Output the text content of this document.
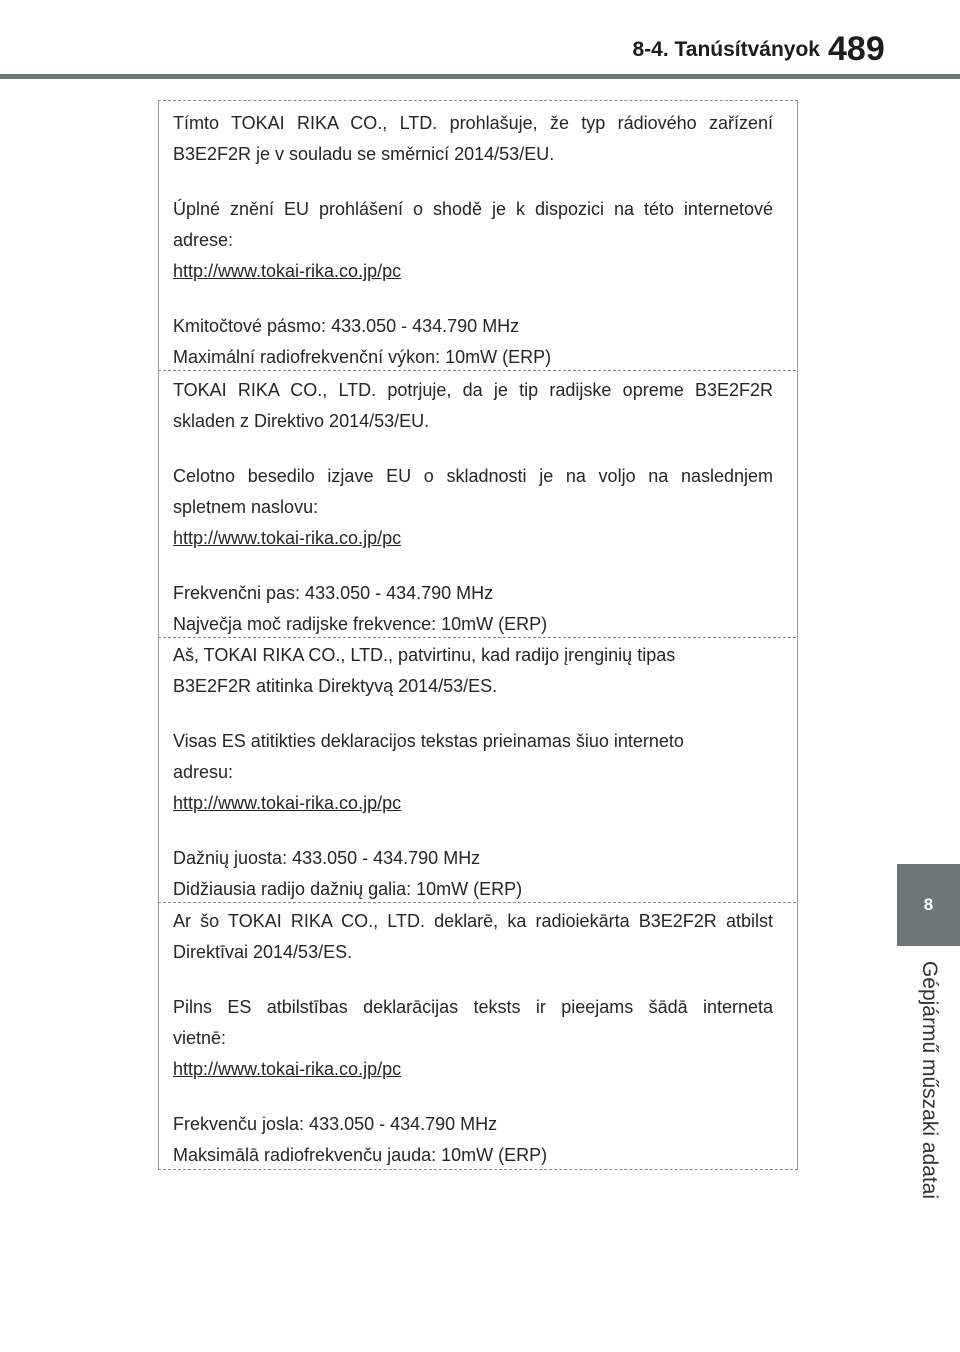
8-4. Tanúsítványok 489
8
Gépjármű műszaki adatai

Tímto TOKAI RIKA CO., LTD. prohlašuje, že typ rádiového zařízení

B3E2F2R je v souladu se směrnicí 2014/53/EU.

Úplné znění EU prohlášení o shodě je k dispozici na této internetové

adrese:

http://www.tokai-rika.co.jp/pc

Kmitočtové pásmo: 433.050 - 434.790 MHz

Maximální radiofrekvenční výkon: 10mW (ERP)

TOKAI RIKA CO., LTD. potrjuje, da je tip radijske opreme B3E2F2R

skladen z Direktivo 2014/53/EU.

Celotno besedilo izjave EU o skladnosti je na voljo na naslednjem

spletnem naslovu:

http://www.tokai-rika.co.jp/pc

Frekvenčni pas: 433.050 - 434.790 MHz

Največja moč radijske frekvence: 10mW (ERP)

Aš, TOKAI RIKA CO., LTD., patvirtinu, kad radijo įrenginių tipas

B3E2F2R atitinka Direktyvą 2014/53/ES.

Visas ES atitikties deklaracijos tekstas prieinamas šiuo interneto

adresu:

http://www.tokai-rika.co.jp/pc

Dažnių juosta: 433.050 - 434.790 MHz

Didžiausia radijo dažnių galia: 10mW (ERP)

Ar šo TOKAI RIKA CO., LTD. deklarē, ka radioiekārta B3E2F2R atbilst

Direktīvai 2014/53/ES.

Pilns ES atbilstības deklarācijas teksts ir pieejams šādā interneta

vietnē:

http://www.tokai-rika.co.jp/pc

Frekvenču josla: 433.050 - 434.790 MHz

Maksimālā radiofrekvenču jauda: 10mW (ERP)
